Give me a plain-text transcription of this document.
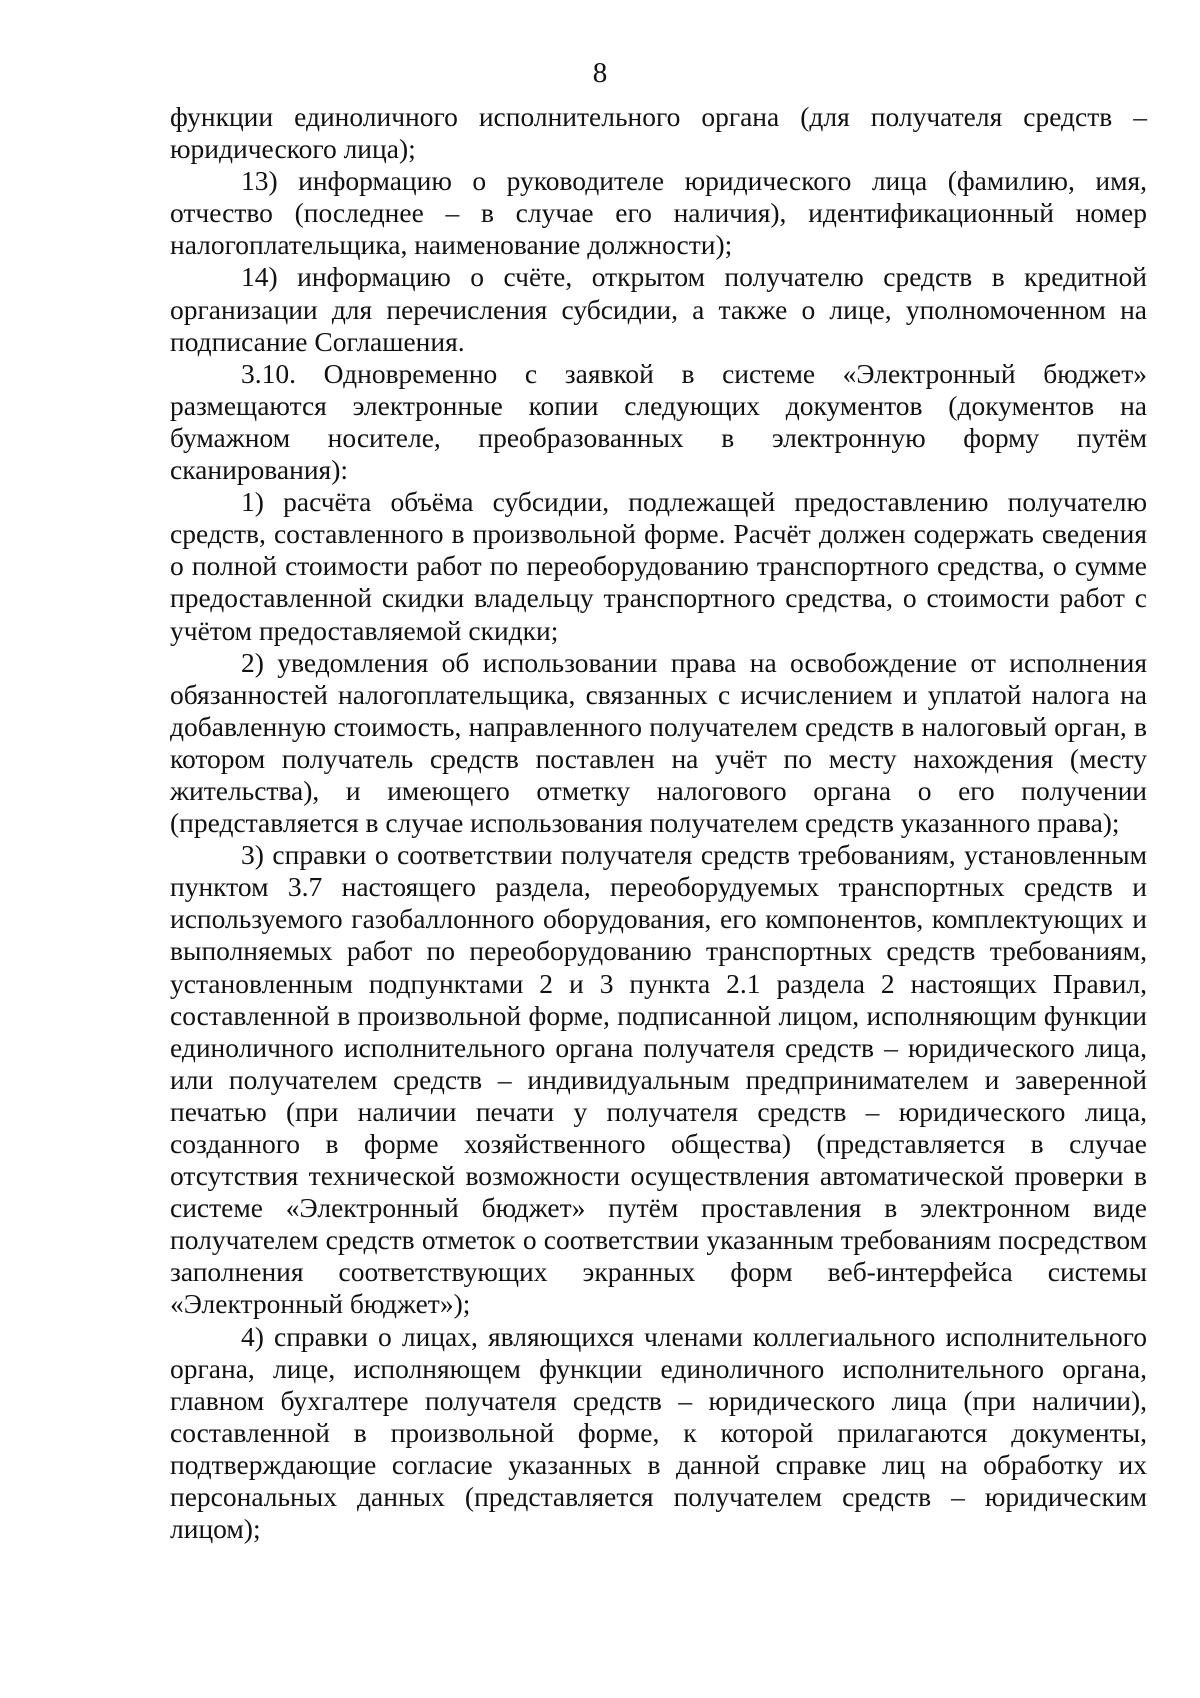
8

функции единоличного исполнительного органа (для получателя средств – юридического лица);

13) информацию о руководителе юридического лица (фамилию, имя, отчество (последнее – в случае его наличия), идентификационный номер налогоплательщика, наименование должности);

14) информацию о счёте, открытом получателю средств в кредитной организации для перечисления субсидии, а также о лице, уполномоченном на подписание Соглашения.

3.10. Одновременно с заявкой в системе «Электронный бюджет» размещаются электронные копии следующих документов (документов на бумажном носителе, преобразованных в электронную форму путём сканирования):

1) расчёта объёма субсидии, подлежащей предоставлению получателю средств, составленного в произвольной форме. Расчёт должен содержать сведения о полной стоимости работ по переоборудованию транспортного средства, о сумме предоставленной скидки владельцу транспортного средства, о стоимости работ с учётом предоставляемой скидки;

2) уведомления об использовании права на освобождение от исполнения обязанностей налогоплательщика, связанных с исчислением и уплатой налога на добавленную стоимость, направленного получателем средств в налоговый орган, в котором получатель средств поставлен на учёт по месту нахождения (месту жительства), и имеющего отметку налогового органа о его получении (представляется в случае использования получателем средств указанного права);

3) справки о соответствии получателя средств требованиям, установленным пунктом 3.7 настоящего раздела, переоборудуемых транспортных средств и используемого газобаллонного оборудования, его компонентов, комплектующих и выполняемых работ по переоборудованию транспортных средств требованиям, установленным подпунктами 2 и 3 пункта 2.1 раздела 2 настоящих Правил, составленной в произвольной форме, подписанной лицом, исполняющим функции единоличного исполнительного органа получателя средств – юридического лица, или получателем средств – индивидуальным предпринимателем и заверенной печатью (при наличии печати у получателя средств – юридического лица, созданного в форме хозяйственного общества) (представляется в случае отсутствия технической возможности осуществления автоматической проверки в системе «Электронный бюджет» путём проставления в электронном виде получателем средств отметок о соответствии указанным требованиям посредством заполнения соответствующих экранных форм веб-интерфейса системы «Электронный бюджет»);

4) справки о лицах, являющихся членами коллегиального исполнительного органа, лице, исполняющем функции единоличного исполнительного органа, главном бухгалтере получателя средств – юридического лица (при наличии), составленной в произвольной форме, к которой прилагаются документы, подтверждающие согласие указанных в данной справке лиц на обработку их персональных данных (представляется получателем средств – юридическим лицом);
